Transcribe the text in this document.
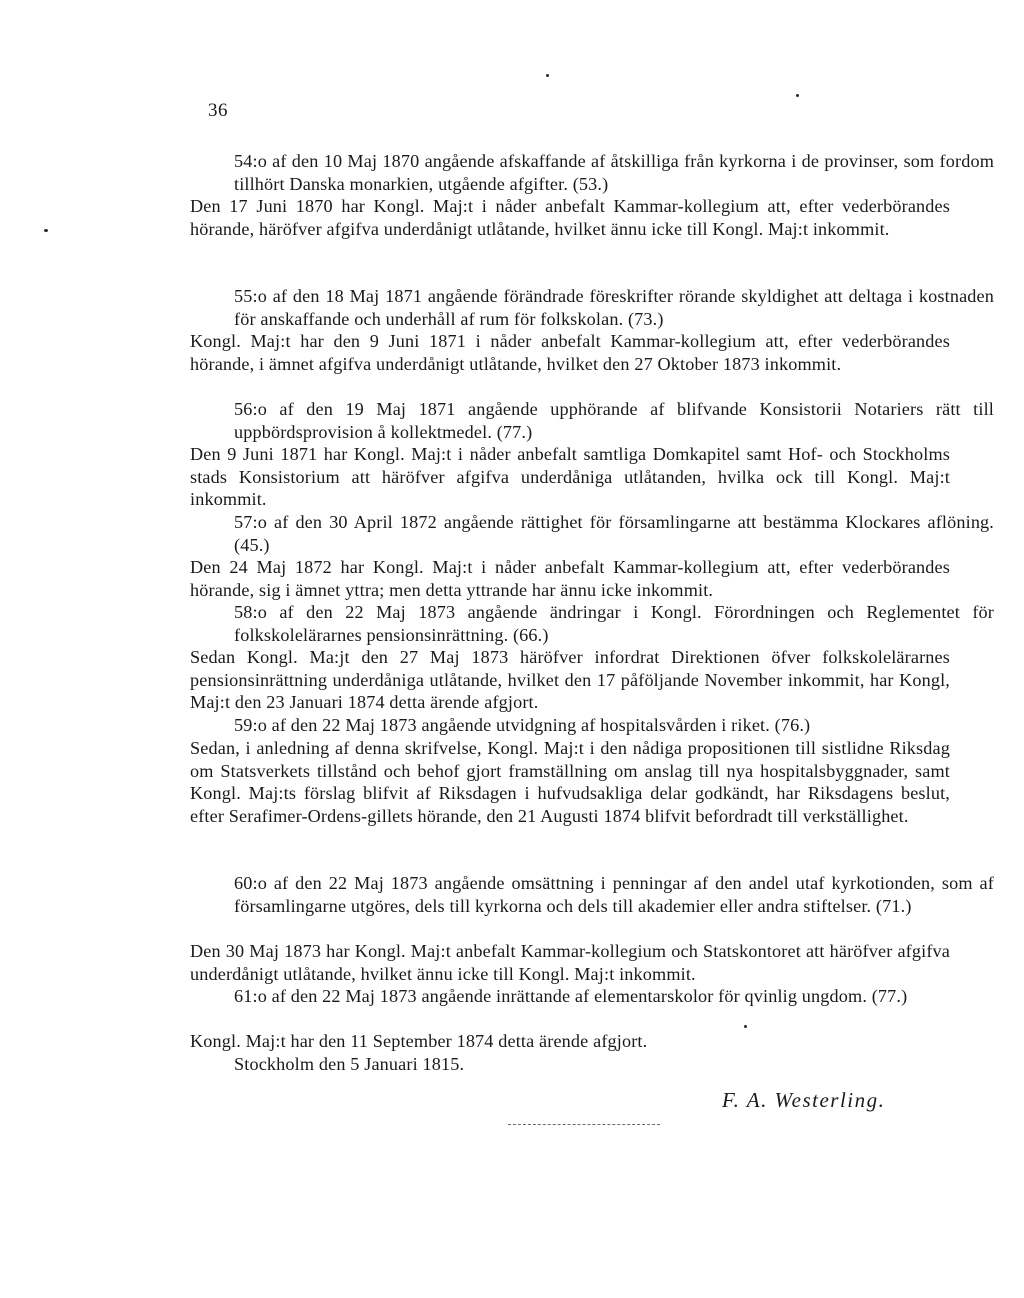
36
54:o af den 10 Maj 1870 angående afskaffande af åtskilliga från kyrkorna i de provinser, som fordom tillhört Danska monarkien, utgående afgifter. (53.)
Den 17 Juni 1870 har Kongl. Maj:t i nåder anbefalt Kammar-kollegium att, efter vederbörandes hörande, häröfver afgifva underdånigt utlåtande, hvilket ännu icke till Kongl. Maj:t inkommit.
55:o af den 18 Maj 1871 angående förändrade föreskrifter rörande skyldighet att deltaga i kostnaden för anskaffande och underhåll af rum för folkskolan. (73.)
Kongl. Maj:t har den 9 Juni 1871 i nåder anbefalt Kammar-kollegium att, efter vederbörandes hörande, i ämnet afgifva underdånigt utlåtande, hvilket den 27 Oktober 1873 inkommit.
56:o af den 19 Maj 1871 angående upphörande af blifvande Konsistorii Notariers rätt till uppbördsprovision å kollektmedel. (77.)
Den 9 Juni 1871 har Kongl. Maj:t i nåder anbefalt samtliga Domkapitel samt Hof- och Stockholms stads Konsistorium att häröfver afgifva underdåniga utlåtanden, hvilka ock till Kongl. Maj:t inkommit.
57:o af den 30 April 1872 angående rättighet för församlingarne att bestämma Klockares aflöning. (45.)
Den 24 Maj 1872 har Kongl. Maj:t i nåder anbefalt Kammar-kollegium att, efter vederbörandes hörande, sig i ämnet yttra; men detta yttrande har ännu icke inkommit.
58:o af den 22 Maj 1873 angående ändringar i Kongl. Förordningen och Reglementet för folkskolelärarnes pensionsinrättning. (66.)
Sedan Kongl. Ma:jt den 27 Maj 1873 häröfver infordrat Direktionen öfver folkskolelärarnes pensionsinrättning underdåniga utlåtande, hvilket den 17 påföljande November inkommit, har Kongl, Maj:t den 23 Januari 1874 detta ärende afgjort.
59:o af den 22 Maj 1873 angående utvidgning af hospitalsvården i riket. (76.)
Sedan, i anledning af denna skrifvelse, Kongl. Maj:t i den nådiga propositionen till sistlidne Riksdag om Statsverkets tillstånd och behof gjort framställning om anslag till nya hospitalsbyggnader, samt Kongl. Maj:ts förslag blifvit af Riksdagen i hufvudsakliga delar godkändt, har Riksdagens beslut, efter Serafimer-Ordens-gillets hörande, den 21 Augusti 1874 blifvit befordradt till verkställighet.
60:o af den 22 Maj 1873 angående omsättning i penningar af den andel utaf kyrkotionden, som af församlingarne utgöres, dels till kyrkorna och dels till akademier eller andra stiftelser. (71.)
Den 30 Maj 1873 har Kongl. Maj:t anbefalt Kammar-kollegium och Statskontoret att häröfver afgifva underdånigt utlåtande, hvilket ännu icke till Kongl. Maj:t inkommit.
61:o af den 22 Maj 1873 angående inrättande af elementarskolor för qvinlig ungdom. (77.)
Kongl. Maj:t har den 11 September 1874 detta ärende afgjort.
Stockholm den 5 Januari 1815.
F. A. Westerling.
